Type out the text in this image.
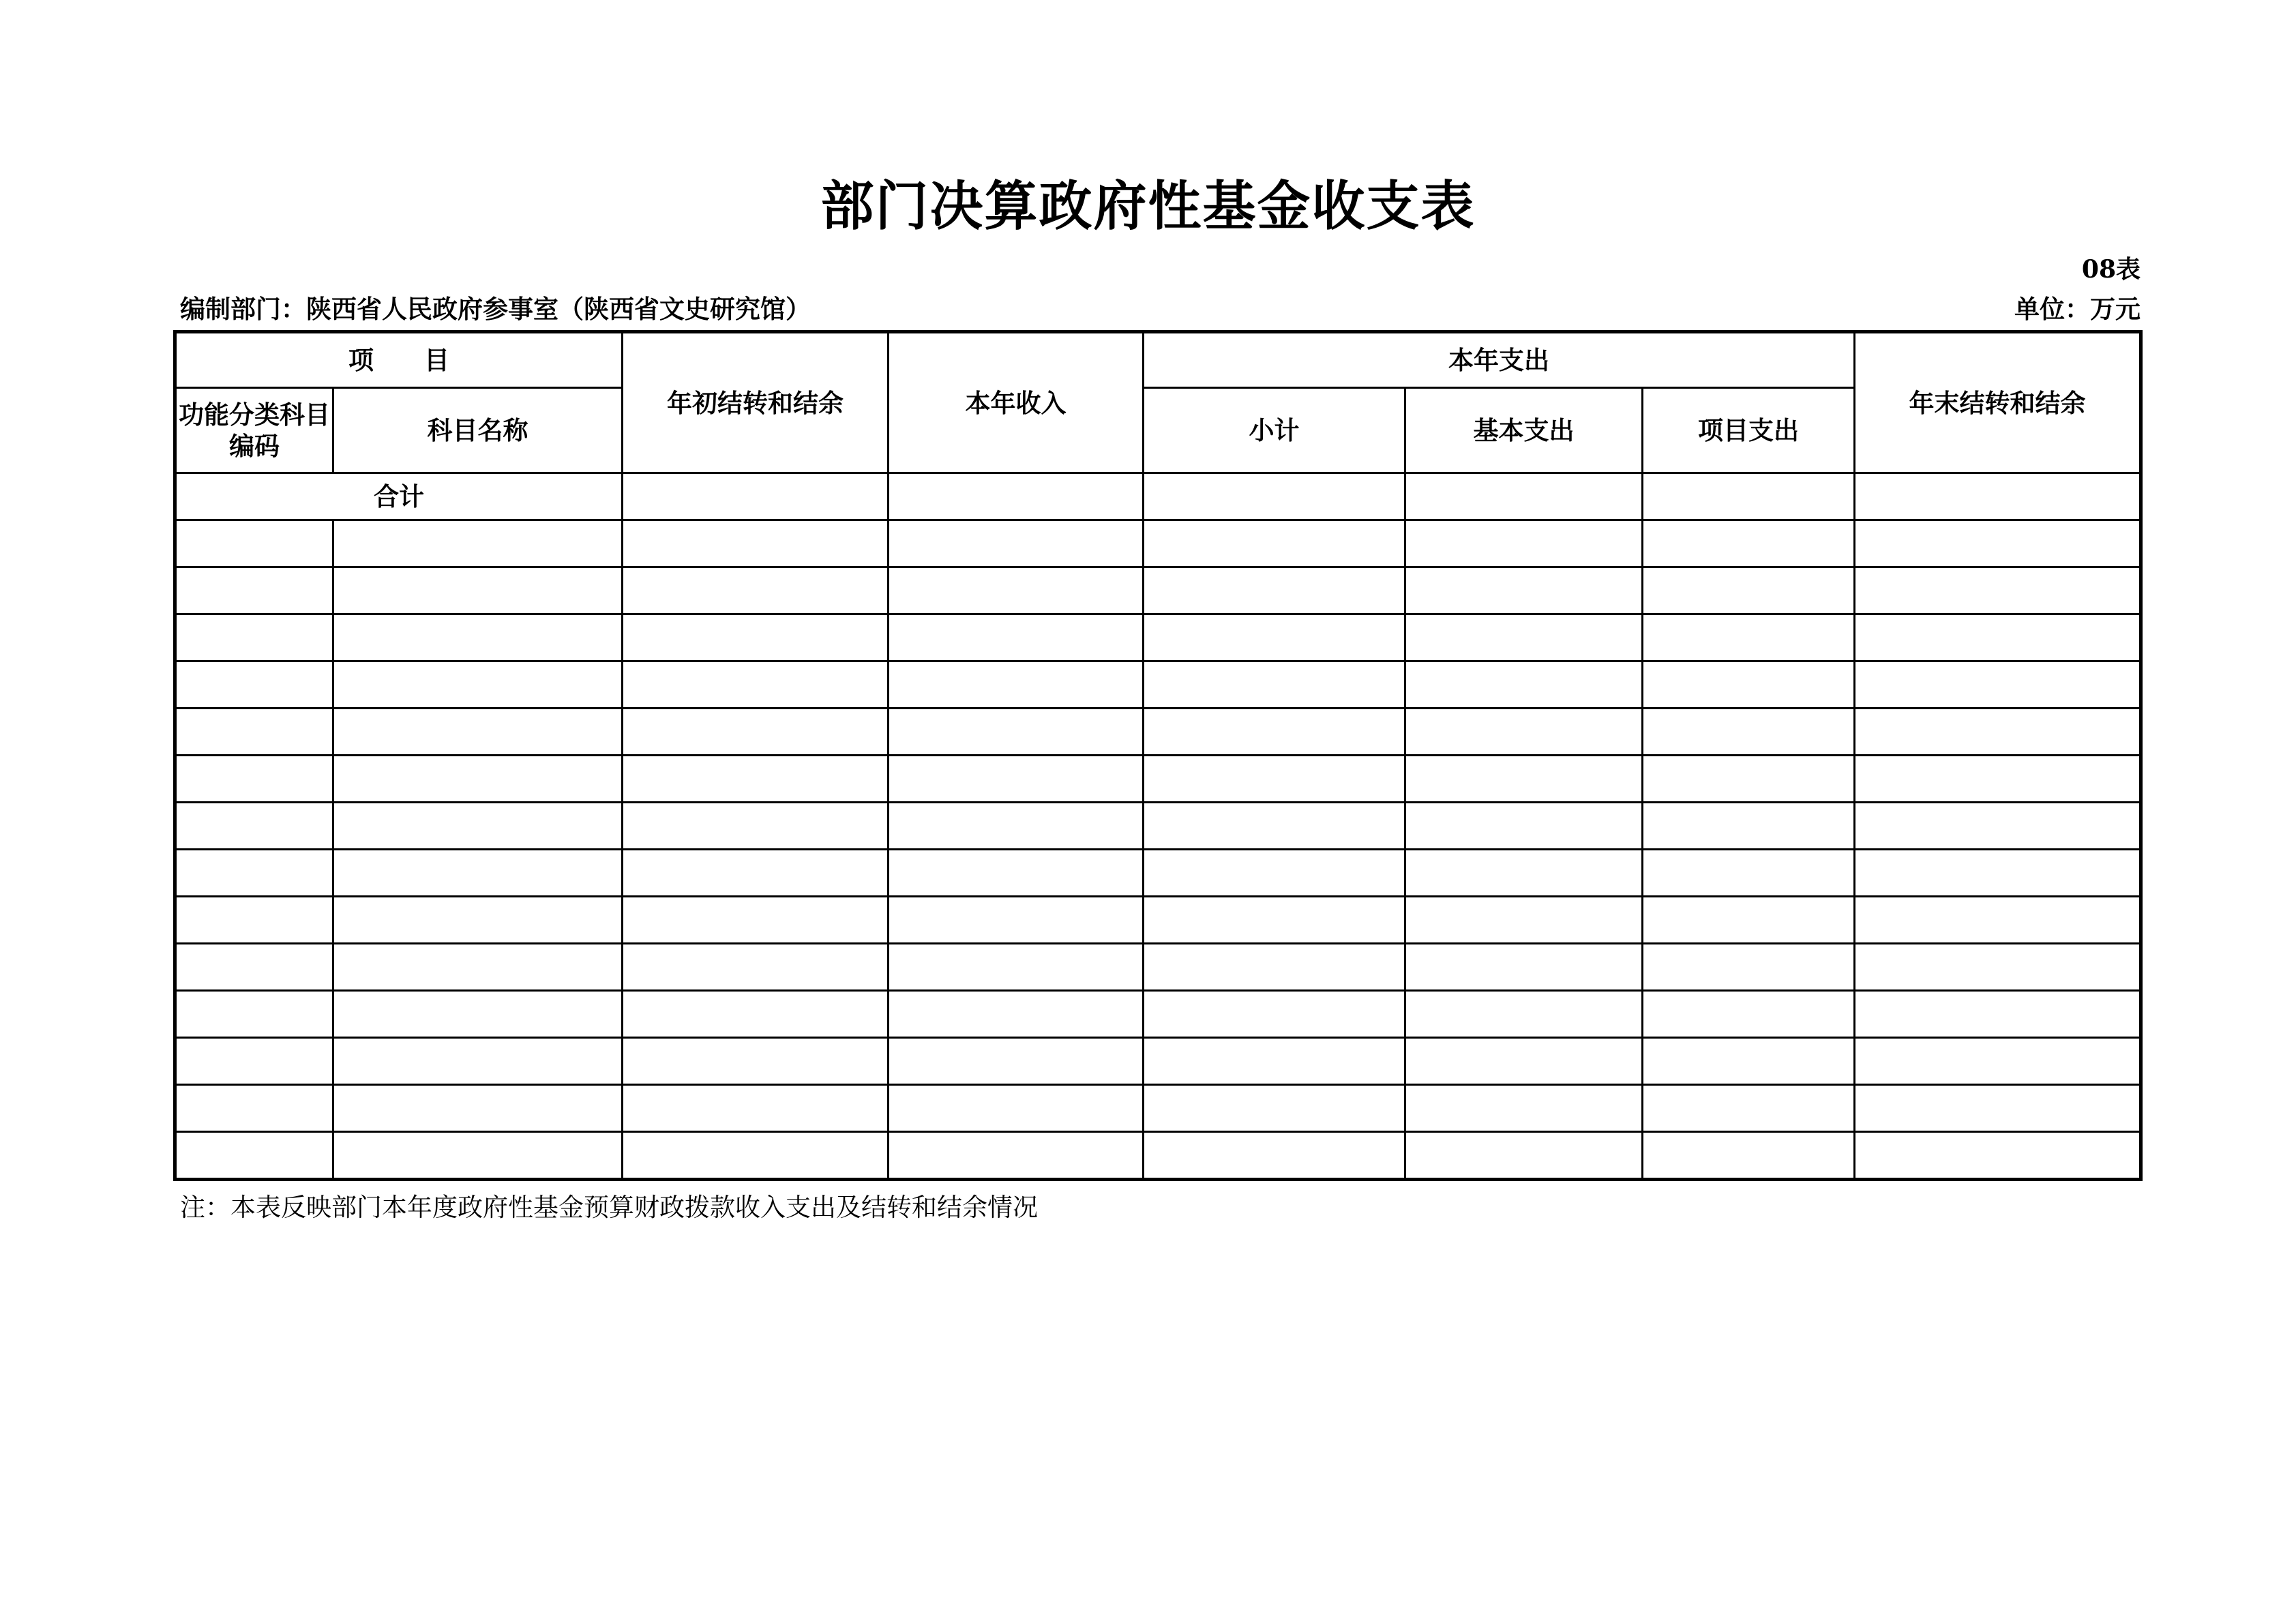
部门决算政府性基金收支表
08表
编制部门：陕西省人民政府参事室（陕西省文史研究馆）	单位：万元
项　　目		年初结转和结余	本年收入	本年支出			年末结转和结余
功能分类科目编码	科目名称			小计	基本支出	项目支出	
合计							

注：本表反映部门本年度政府性基金预算财政拨款收入支出及结转和结余情况
